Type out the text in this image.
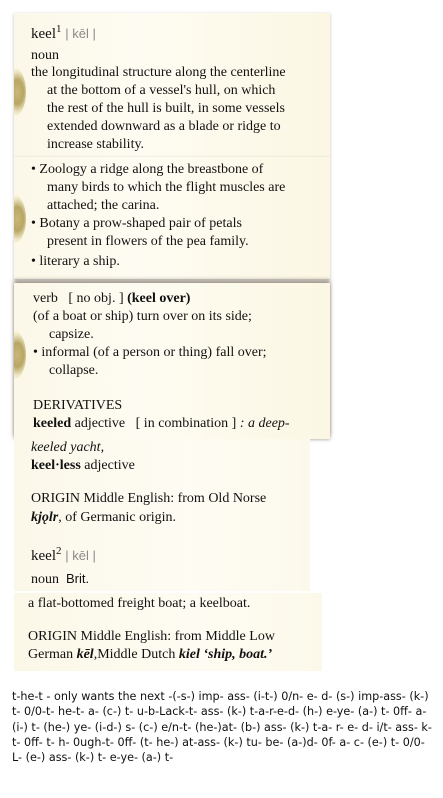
keel$^1$ | kēl |
noun
the longitudinal structure along the centerline
at the bottom of a vessel's hull, on which
the rest of the hull is built, in some vessels
extended downward as a blade or ridge to
increase stability.
• Zoology a ridge along the breastbone of
many birds to which the flight muscles are
attached; the carina.
• Botany a prow-shaped pair of petals
present in flowers of the pea family.
• literary a ship.
verb [ no obj. ] (keel over)
(of a boat or ship) turn over on its side;
capsize.
• informal (of a person or thing) fall over;
collapse.
DERIVATIVES
keeled adjective [ in combination ] : a deep-
keeled yacht,
keel·less adjective
ORIGIN Middle English: from Old Norse
kjǫlr, of Germanic origin.
keel$^2$ | kēl |
noun Brit.
a flat-bottomed freight boat; a keelboat.
ORIGIN Middle English: from Middle Low
German kēl,Middle Dutch kiel ‘ship, boat.’
t-he-t - only wants the next -(-s-) imp- ass- (i-t-) 0/n- e- d- (s-) imp-ass- (k-) t- 0/0-t- he-t- a- (c-) t- u-b-Lack-t- ass- (k-) t-a-r-e-d- (h-) e-ye- (a-) t- 0ff- a- (i-) t- (he-) ye- (i-d-) s- (c-) e/n-t- (he-)at- (b-) ass- (k-) t-a- r- e- d- i/t- ass- k- t- 0ff- t- h- 0ugh-t- 0ff- (t- he-) at-ass- (k-) tu- be- (a-)d- 0f- a- c- (e-) t- 0/0- L- (e-) ass- (k-) t- e-ye- (a-) t-
